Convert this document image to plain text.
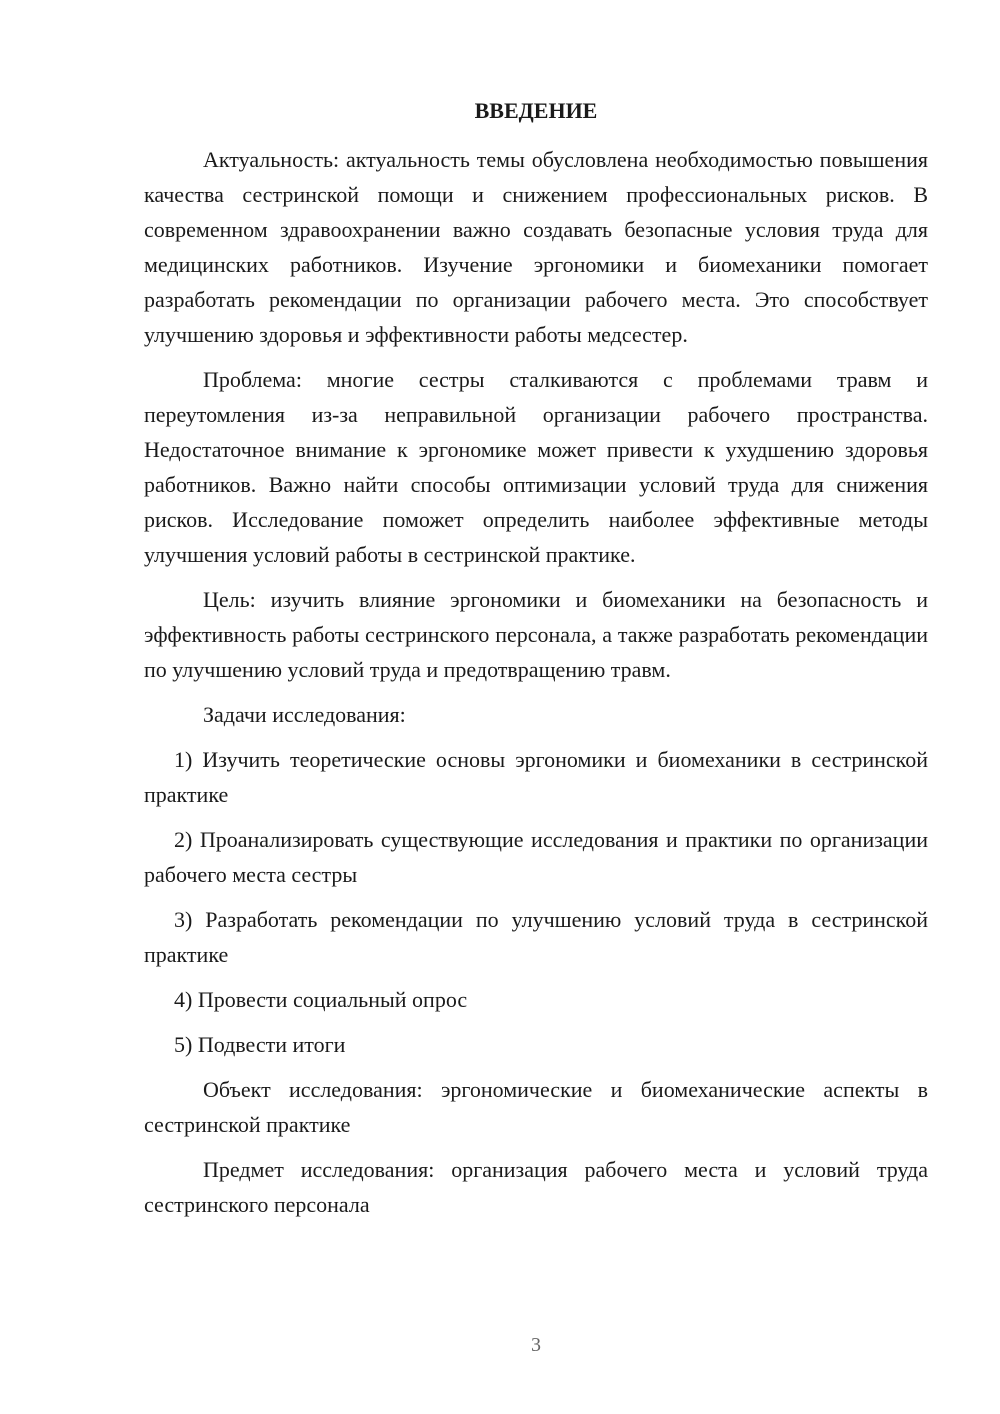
ВВЕДЕНИЕ

Актуальность: актуальность темы обусловлена необходимостью повышения качества сестринской помощи и снижением профессиональных рисков. В современном здравоохранении важно создавать безопасные условия труда для медицинских работников. Изучение эргономики и биомеханики помогает разработать рекомендации по организации рабочего места. Это способствует улучшению здоровья и эффективности работы медсестер.

Проблема: многие сестры сталкиваются с проблемами травм и переутомления из-за неправильной организации рабочего пространства. Недостаточное внимание к эргономике может привести к ухудшению здоровья работников. Важно найти способы оптимизации условий труда для снижения рисков. Исследование поможет определить наиболее эффективные методы улучшения условий работы в сестринской практике.

Цель: изучить влияние эргономики и биомеханики на безопасность и эффективность работы сестринского персонала, а также разработать рекомендации по улучшению условий труда и предотвращению травм.

Задачи исследования:

1) Изучить теоретические основы эргономики и биомеханики в сестринской практике

2) Проанализировать существующие исследования и практики по организации рабочего места сестры

3) Разработать рекомендации по улучшению условий труда в сестринской практике

4) Провести социальный опрос

5) Подвести итоги

Объект исследования: эргономические и биомеханические аспекты в сестринской практике

Предмет исследования: организация рабочего места и условий труда сестринского персонала

3
